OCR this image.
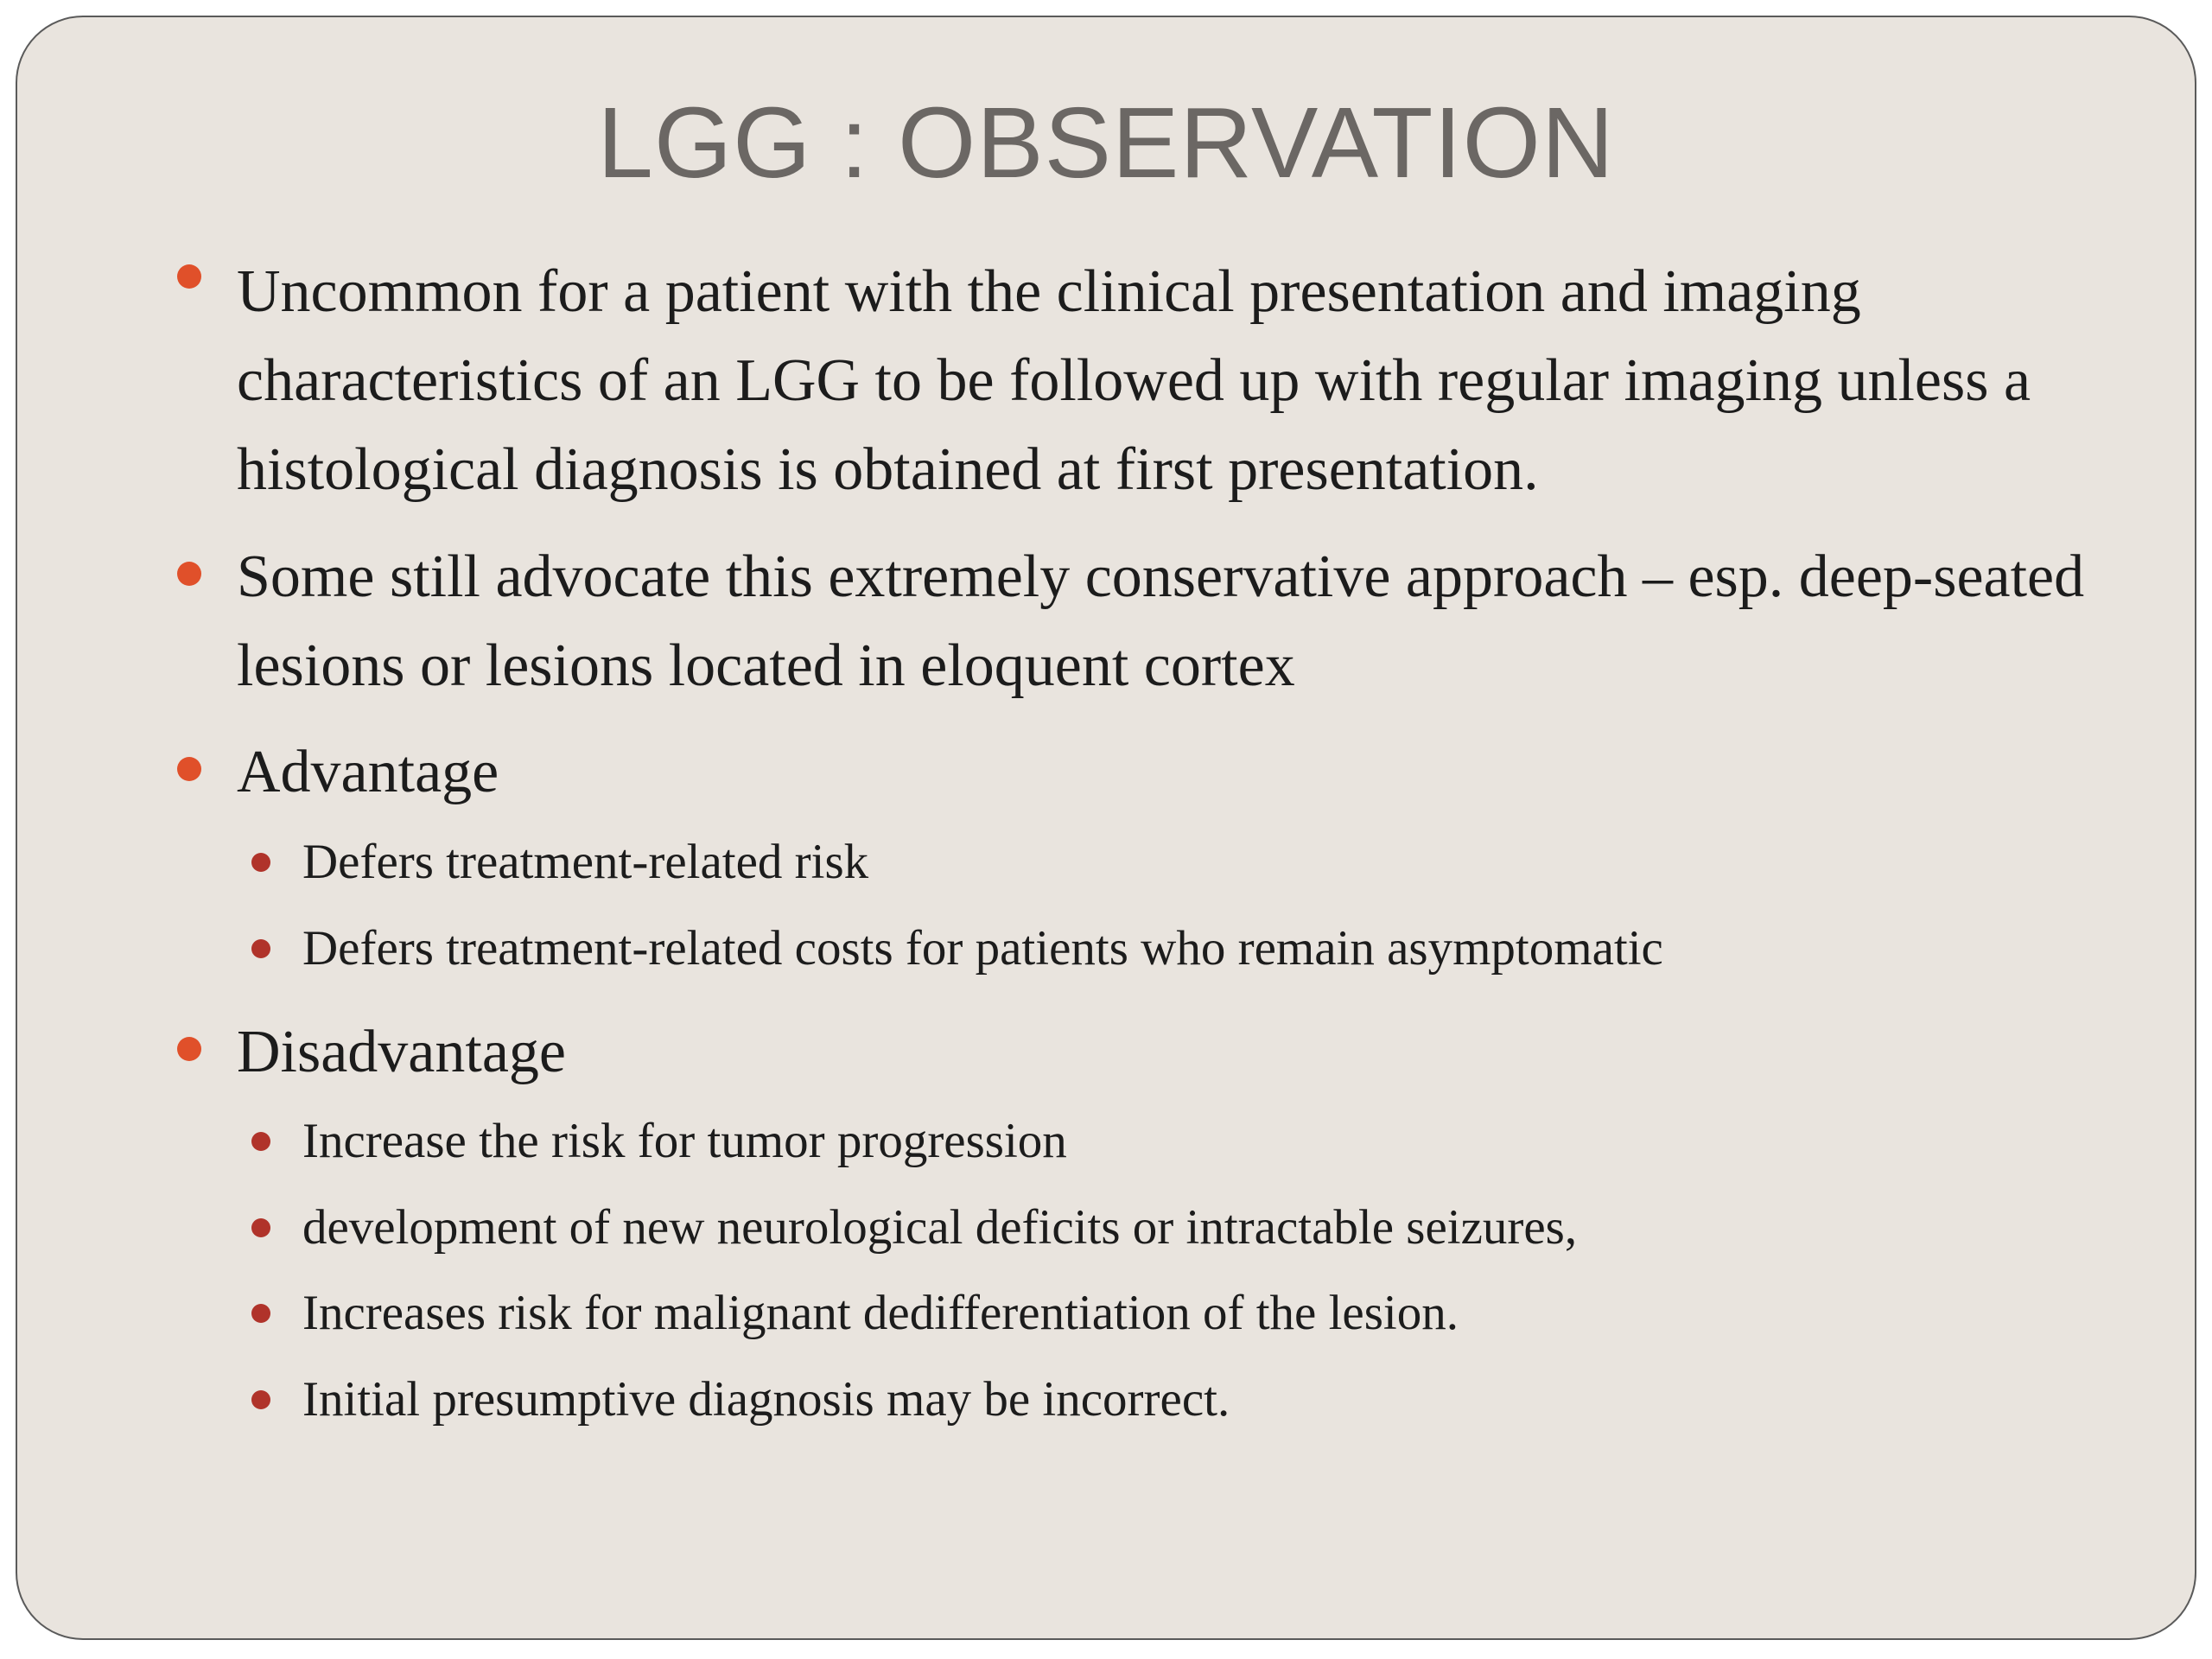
LGG : OBSERVATION
Uncommon for a patient with the clinical presentation and imaging characteristics of an LGG to be followed up with regular imaging unless a histological diagnosis is obtained at first presentation.
Some still advocate this extremely conservative approach – esp. deep-seated lesions or lesions located in eloquent cortex
Advantage
Defers treatment-related risk
Defers treatment-related costs for patients who remain asymptomatic
Disadvantage
Increase the risk for tumor progression
development of new neurological deficits or intractable seizures,
Increases risk for malignant dedifferentiation of the lesion.
Initial presumptive diagnosis may be incorrect.
